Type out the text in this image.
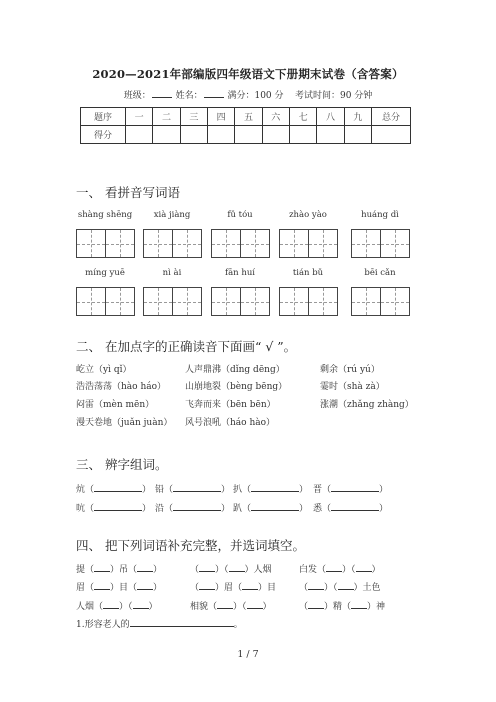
2020—2021年部编版四年级语文下册期末试卷（含答案）
班级：	姓名：	满分：100 分 考试时间：90 分钟
题序	一	二	三	四	五	六	七	八	九	总分
得分										
一、 看拼音写词语
shàng shēng	xià jiàng	fǔ tóu	zhào yào	huáng dì
míng yuē	nì ài	fān huí	tián bǔ	bēi cǎn
二、 在加点字的正确读音下面画“ √ ”。
屹立（yì qǐ）	人声鼎沸（dǐng dēng）	剩余（rú yú）
浩浩荡荡（hào háo） 山崩地裂（bèng bēng）	霎时（shà zà）
闷雷（mèn mēn）	飞奔而来（bēn bēn）	涨潮（zhǎng zhàng）
漫天卷地（juǎn juàn） 风号浪吼（háo hào）
三、 辨字组词。
炕（	） 铅（	） 扒（	） 晋（	）
吭（	） 沿（	） 趴（	） 悉（	）
四、 把下列词语补充完整，并选词填空。
提（ ）吊（ ）	（ ）（ ）人烟	白发（ ）（ ）
眉（ ）目（ ）	（ ）眉（ ）目	（ ）（ ）土色
人烟（ ）（ ）	相貌（ ）（ ）	（ ）精（ ）神
1.形容老人的	。
1 / 7
